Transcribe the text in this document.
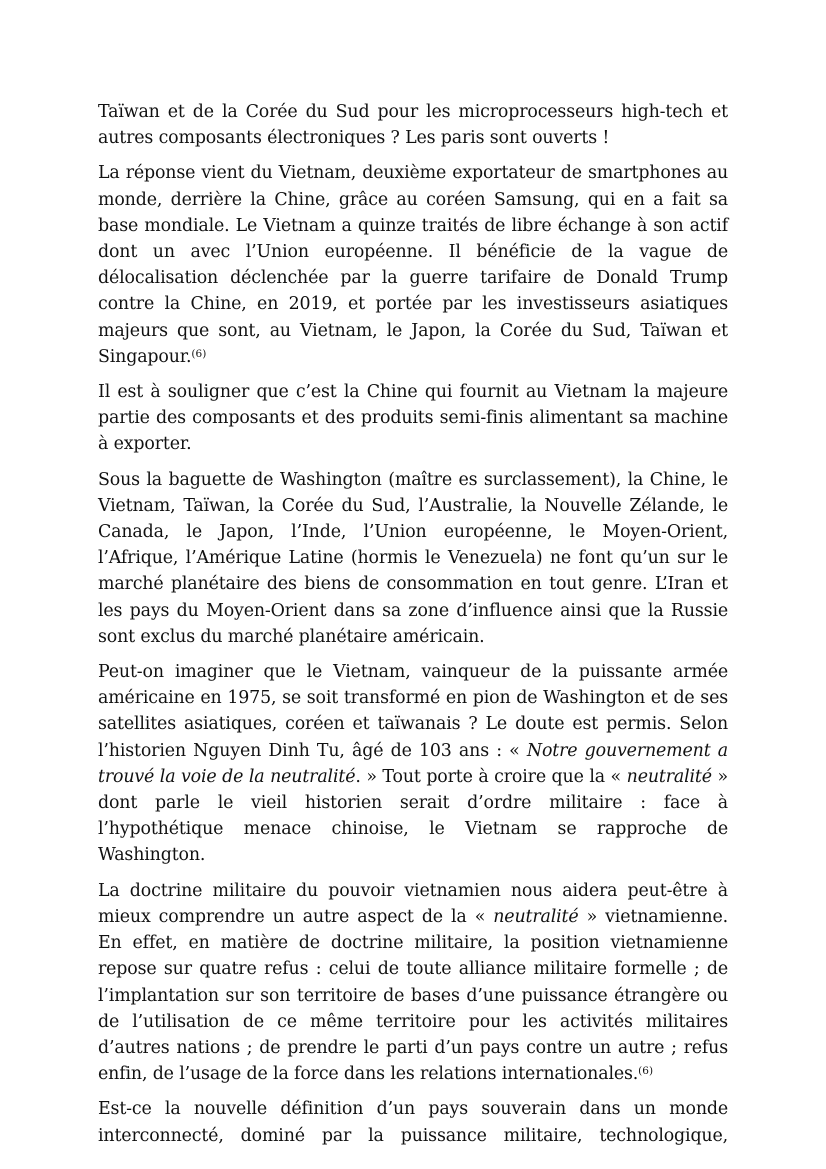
Taïwan et de la Corée du Sud pour les microprocesseurs high-tech et autres composants électroniques ? Les paris sont ouverts !

La réponse vient du Vietnam, deuxième exportateur de smartphones au monde, derrière la Chine, grâce au coréen Samsung, qui en a fait sa base mondiale. Le Vietnam a quinze traités de libre échange à son actif dont un avec l’Union européenne. Il bénéficie de la vague de délocalisation déclenchée par la guerre tarifaire de Donald Trump contre la Chine, en 2019, et portée par les investisseurs asiatiques majeurs que sont, au Vietnam, le Japon, la Corée du Sud, Taïwan et Singapour.$^{(6)}$

Il est à souligner que c’est la Chine qui fournit au Vietnam la majeure partie des composants et des produits semi-finis alimentant sa machine à exporter.

Sous la baguette de Washington (maître es surclassement), la Chine, le Vietnam, Taïwan, la Corée du Sud, l’Australie, la Nouvelle Zélande, le Canada, le Japon, l’Inde, l’Union européenne, le Moyen-Orient, l’Afrique, l’Amérique Latine (hormis le Venezuela) ne font qu’un sur le marché planétaire des biens de consommation en tout genre. L’Iran et les pays du Moyen-Orient dans sa zone d’influence ainsi que la Russie sont exclus du marché planétaire américain.

Peut-on imaginer que le Vietnam, vainqueur de la puissante armée américaine en 1975, se soit transformé en pion de Washington et de ses satellites asiatiques, coréen et taïwanais ? Le doute est permis. Selon l’historien Nguyen Dinh Tu, âgé de 103 ans : « Notre gouvernement a trouvé la voie de la neutralité. » Tout porte à croire que la « neutralité » dont parle le vieil historien serait d’ordre militaire : face à l’hypothétique menace chinoise, le Vietnam se rapproche de Washington.

La doctrine militaire du pouvoir vietnamien nous aidera peut-être à mieux comprendre un autre aspect de la « neutralité » vietnamienne. En effet, en matière de doctrine militaire, la position vietnamienne repose sur quatre refus : celui de toute alliance militaire formelle ; de l’implantation sur son territoire de bases d’une puissance étrangère ou de l’utilisation de ce même territoire pour les activités militaires d’autres nations ; de prendre le parti d’un pays contre un autre ; refus enfin, de l’usage de la force dans les relations internationales.$^{(6)}$

Est-ce la nouvelle définition d’un pays souverain dans un monde interconnecté, dominé par la puissance militaire, technologique,
